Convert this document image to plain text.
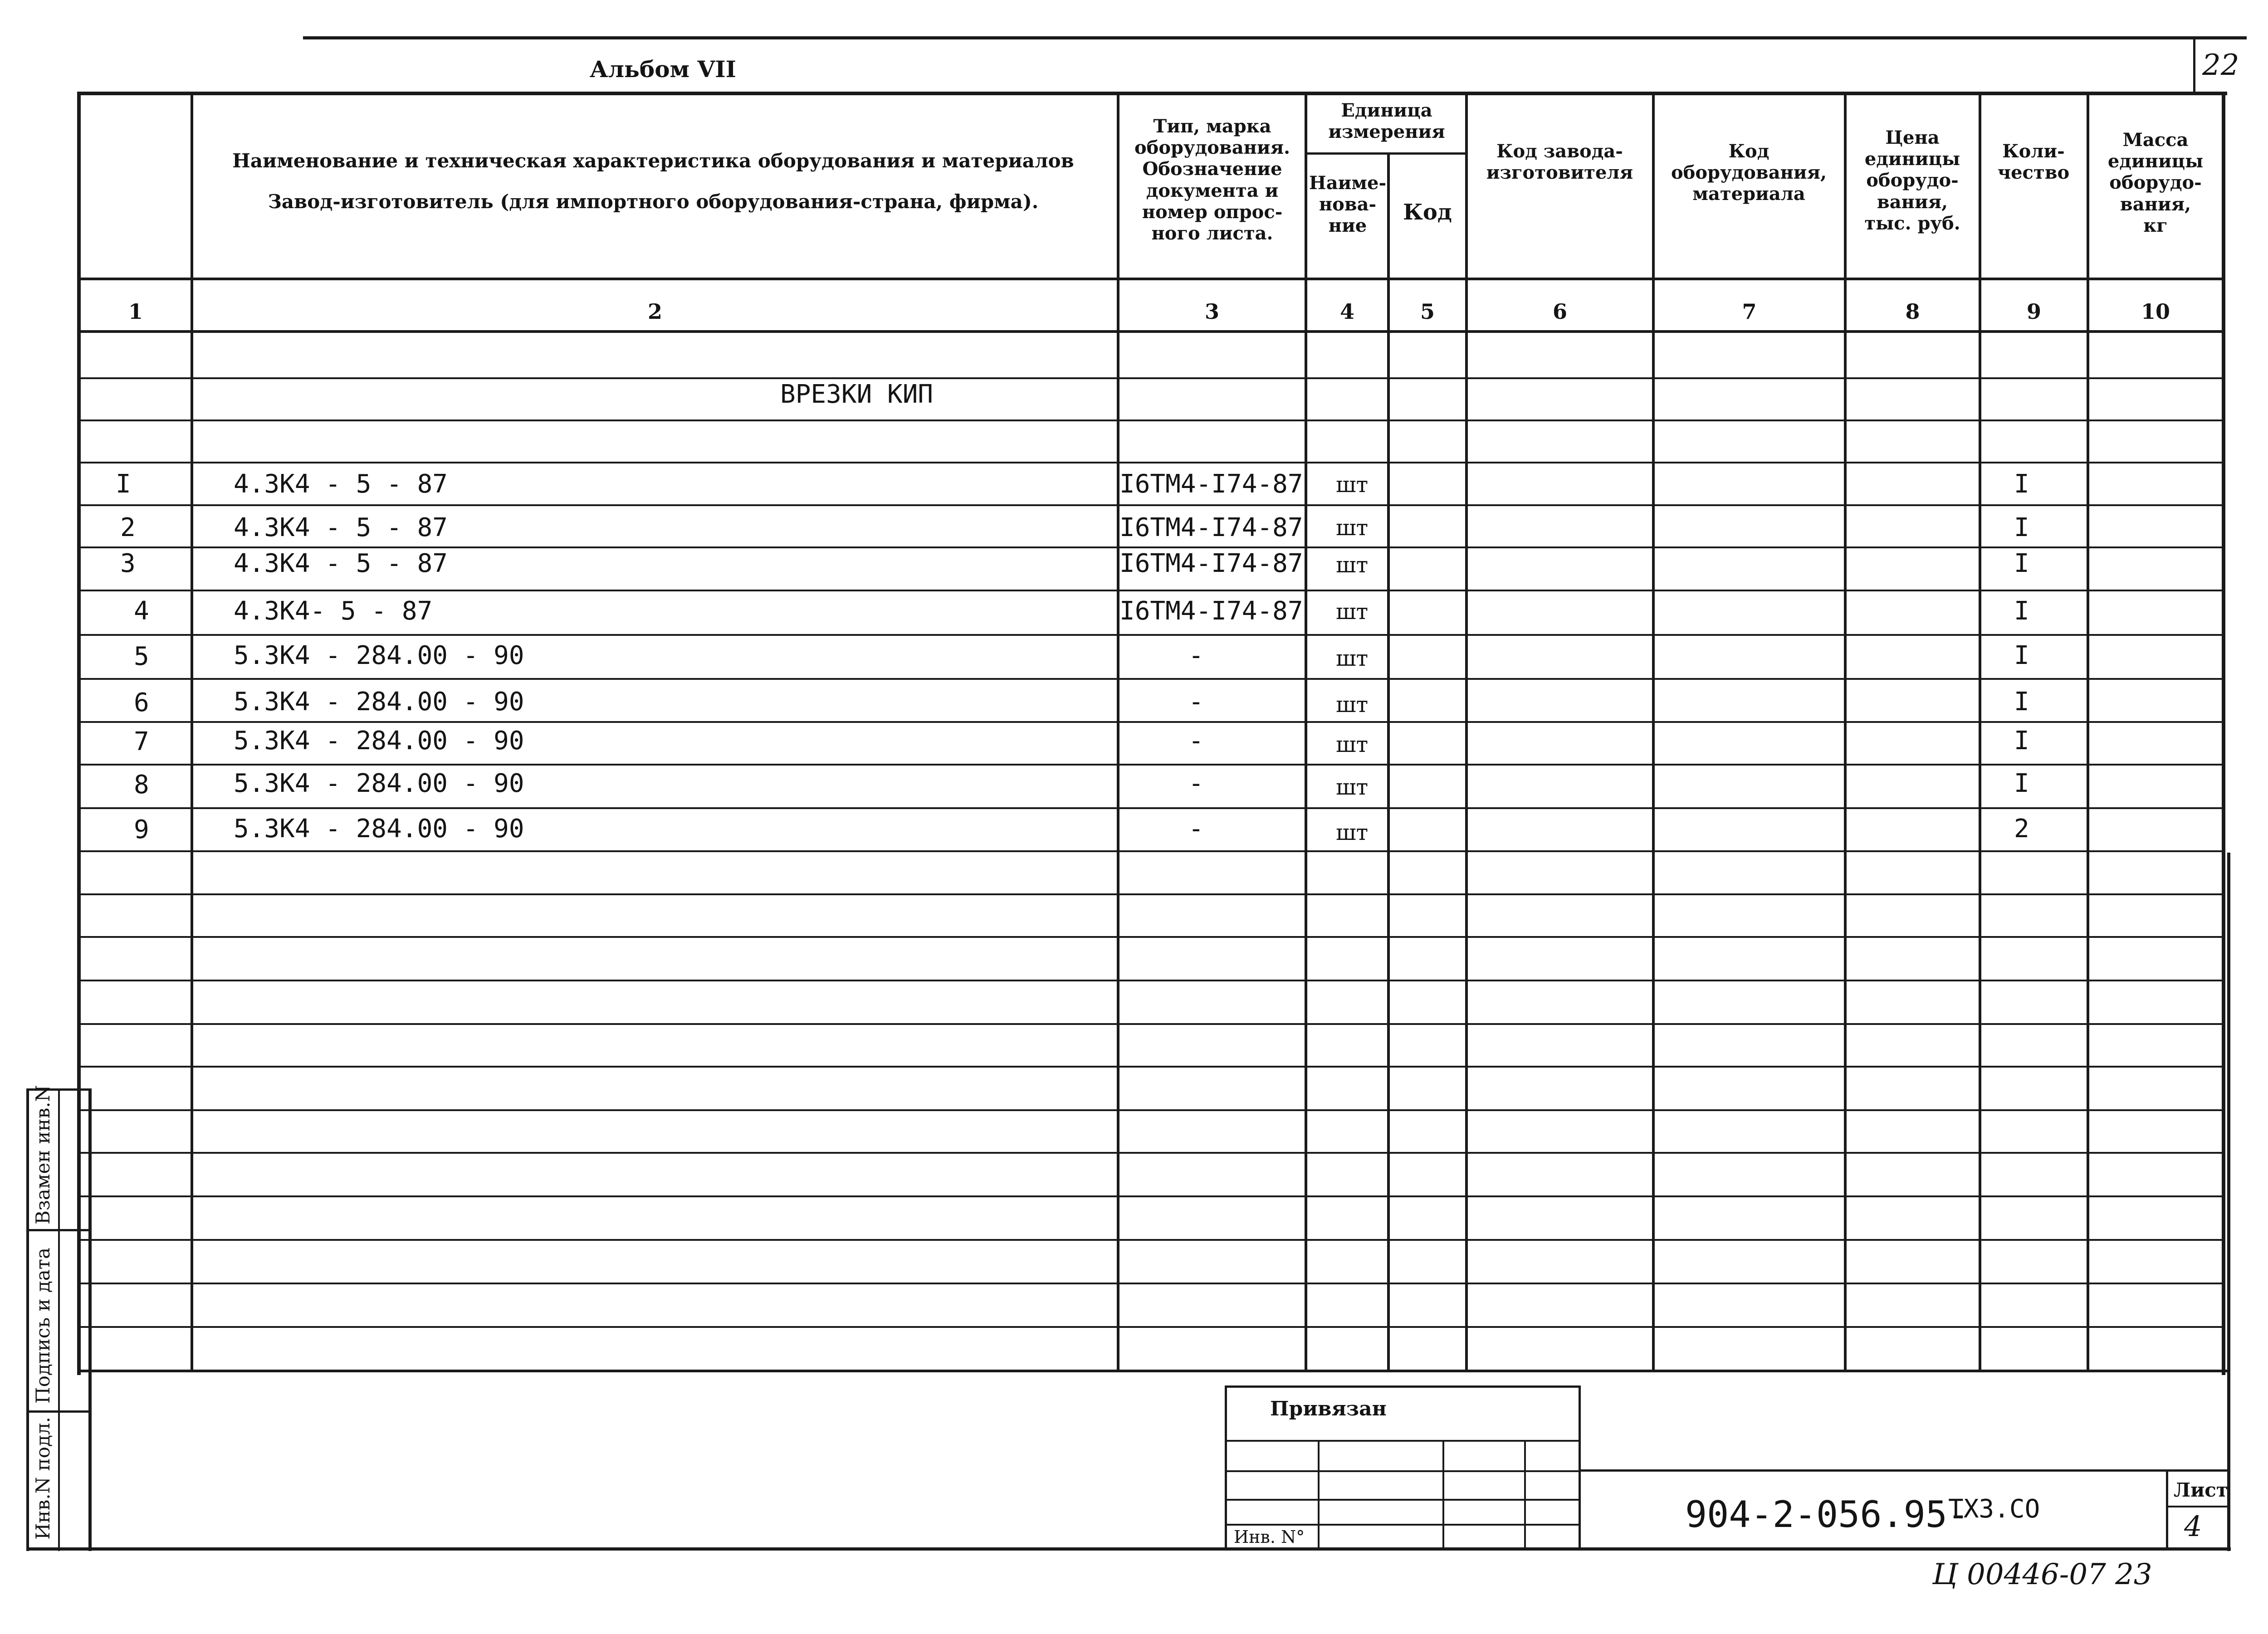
Альбом VII	22
Наименование и техническая характеристика оборудования и материалов
Завод-изготовитель (для импортного оборудования-страна, фирма).
Тип, марка
оборудования.
Обозначение
документа и
номер опрос-
ного листа.
Единица
измерения
Наиме-
нова-
ние
Код
Код завода-
изготовителя
Код
оборудования,
материала
Цена
единицы
оборудо-
вания,
тыс. руб.
Коли-
чество
Масса
единицы
оборудо-
вания,
кг
1	2	3	4	5	6	7	8	9	10
ВРЕЗКИ КИП
I	4.ЗК4 - 5 - 87	I6ТМ4-I74-87 шт	I
2	4.ЗК4 - 5 - 87	I6ТМ4-I74-87 шт	I
3	4.ЗК4 - 5 - 87	I6ТМ4-I74-87 шт	I
4	4.ЗК4- 5 - 87	I6ТМ4-I74-87 шт	I
5	5.ЗК4 - 284.00 - 90	-	шт	I
6	5.ЗК4 - 284.00 - 90	-	шт	I
7	5.ЗК4 - 284.00 - 90	-	шт	I
8	5.ЗК4 - 284.00 - 90	-	шт	I
9	5.ЗК4 - 284.00 - 90	-	шт	2
Взамен инв.N
Подпись и дата
Инв.N подл.
Привязан
Инв. N°
904-2-056.95-
ТХЗ.СО
Лист
4
Ц 00446-07 23
